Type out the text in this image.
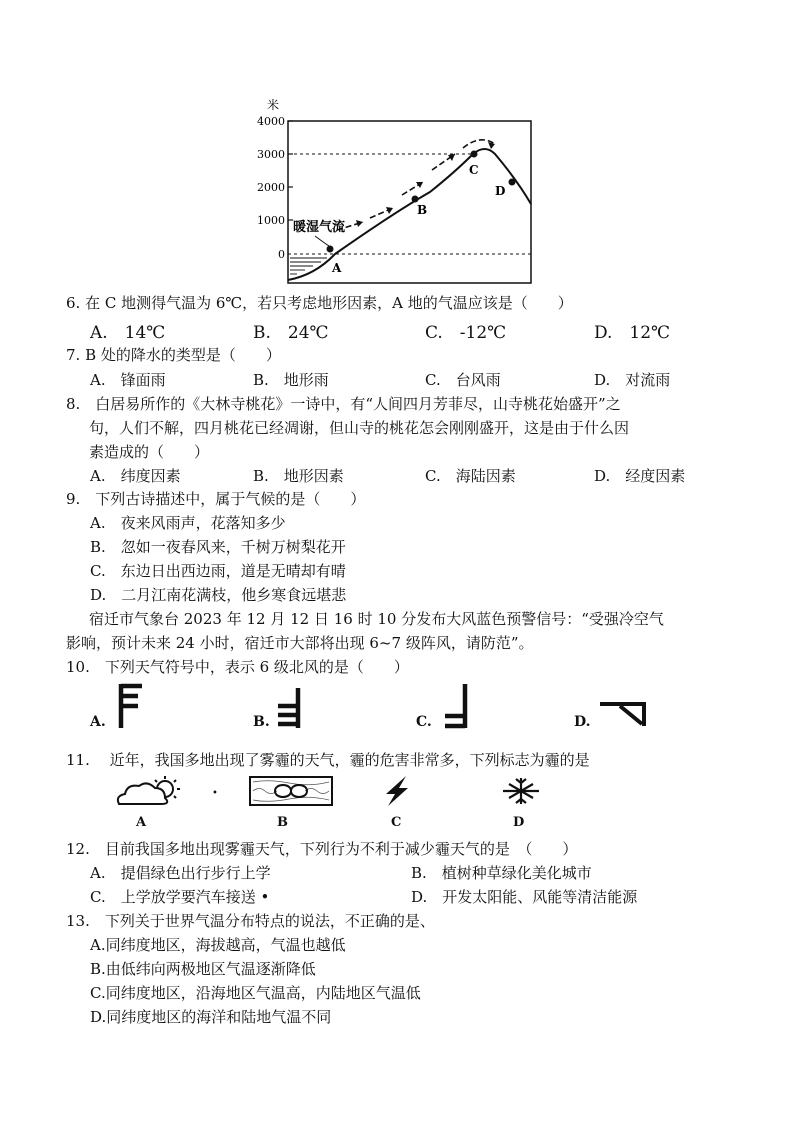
米
4000
3000
2000
1000
0
A
B
C
D
暖湿气流
6. 在 C 地测得气温为 6℃，若只考虑地形因素，A 地的气温应该是（　　）
A.　14℃	B.　24℃	C.　-12℃	D.　12℃
7. B 处的降水的类型是（　　）
A.　锋面雨	B.　地形雨	C.　台风雨	D.　对流雨
8.　白居易所作的《大林寺桃花》一诗中，有“人间四月芳菲尽，山寺桃花始盛开”之
句，人们不解，四月桃花已经凋谢，但山寺的桃花怎会刚刚盛开，这是由于什么因
素造成的（　　）
A.　纬度因素	B.　地形因素	C.　海陆因素	D.　经度因素
9.　下列古诗描述中，属于气候的是（　　）
A.　夜来风雨声，花落知多少
B.　忽如一夜春风来，千树万树梨花开
C.　东边日出西边雨，道是无晴却有晴
D.　二月江南花满枝，他乡寒食远堪悲
宿迁市气象台 2023 年 12 月 12 日 16 时 10 分发布大风蓝色预警信号：“受强冷空气
影响，预计未来 24 小时，宿迁市大部将出现 6~7 级阵风，请防范”。
10.　下列天气符号中，表示 6 级北风的是（　　）
A.	B.	C.	D.
11.　 近年，我国多地出现了雾霾的天气，霾的危害非常多，下列标志为霾的是
•
A	B	C	D
12.　目前我国多地出现雾霾天气，下列行为不利于减少霾天气的是　（　　）
A.　提倡绿色出行步行上学	B.　植树种草绿化美化城市
C.　上学放学要汽车接送 •	D.　开发太阳能、风能等清洁能源
13.　下列关于世界气温分布特点的说法，不正确的是、
A.同纬度地区，海拔越高，气温也越低
B.由低纬向两极地区气温逐渐降低
C.同纬度地区，沿海地区气温高，内陆地区气温低
D.同纬度地区的海洋和陆地气温不同
